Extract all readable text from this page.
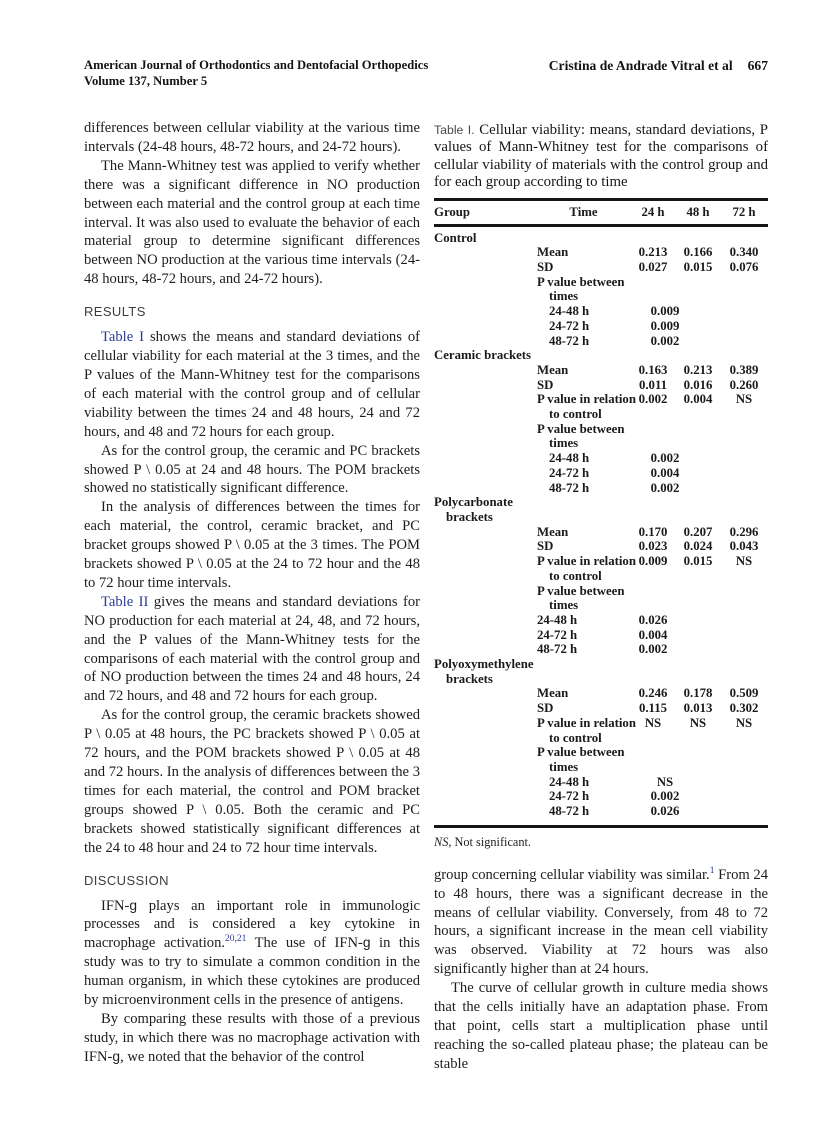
American Journal of Orthodontics and Dentofacial Orthopedics
Volume 137, Number 5
Cristina de Andrade Vitral et al 667

differences between cellular viability at the various time intervals (24-48 hours, 48-72 hours, and 24-72 hours).

The Mann-Whitney test was applied to verify whether there was a significant difference in NO production between each material and the control group at each time interval. It was also used to evaluate the behavior of each material group to determine significant differences between NO production at the various time intervals (24-48 hours, 48-72 hours, and 24-72 hours).

RESULTS

Table I shows the means and standard deviations of cellular viability for each material at the 3 times, and the P values of the Mann-Whitney test for the comparisons of each material with the control group and of cellular viability between the times 24 and 48 hours, 24 and 72 hours, and 48 and 72 hours for each group.

As for the control group, the ceramic and PC brackets showed P \ 0.05 at 24 and 48 hours. The POM brackets showed no statistically significant difference.

In the analysis of differences between the times for each material, the control, ceramic bracket, and PC bracket groups showed P \ 0.05 at the 3 times. The POM brackets showed P \ 0.05 at the 24 to 72 hour and the 48 to 72 hour time intervals.

Table II gives the means and standard deviations for NO production for each material at 24, 48, and 72 hours, and the P values of the Mann-Whitney tests for the comparisons of each material with the control group and of NO production between the times 24 and 48 hours, 24 and 72 hours, and 48 and 72 hours for each group.

As for the control group, the ceramic brackets showed P \ 0.05 at 48 hours, the PC brackets showed P \ 0.05 at 72 hours, and the POM brackets showed P \ 0.05 at 48 and 72 hours. In the analysis of differences between the 3 times for each material, the control and POM bracket groups showed P \ 0.05. Both the ceramic and PC brackets showed statistically significant differences at the 24 to 48 hour and 24 to 72 hour time intervals.

DISCUSSION

IFN-g plays an important role in immunologic processes and is considered a key cytokine in macrophage activation.$^{20,21}$ The use of IFN-g in this study was to try to simulate a common condition in the human organism, in which these cytokines are produced by microenvironment cells in the presence of antigens.

By comparing these results with those of a previous study, in which there was no macrophage activation with IFN-g, we noted that the behavior of the control

Table I. Cellular viability: means, standard deviations, P values of Mann-Whitney test for the comparisons of cellular viability of materials with the control group and for each group according to time
Group	Time	24 h	48 h	72 h
Control
Mean	0.213	0.166	0.340
SD	0.027	0.015	0.076
P value between
times
24-48 h	0.009
24-72 h	0.009
48-72 h	0.002
Ceramic brackets
Mean	0.163	0.213	0.389
SD	0.011	0.016	0.260
P value in relation 0.002	0.004	NS
to control
P value between
times
24-48 h	0.002
24-72 h	0.004
48-72 h	0.002
Polycarbonate
brackets
Mean	0.170	0.207	0.296
SD	0.023	0.024	0.043
P value in relation 0.009	0.015	NS
to control
P value between
times
24-48 h	0.026
24-72 h	0.004
48-72 h	0.002
Polyoxymethylene
brackets
Mean	0.246	0.178	0.509
SD	0.115	0.013	0.302
P value in relation NS	NS	NS
to control
P value between
times
24-48 h	NS
24-72 h	0.002
48-72 h	0.026
NS, Not significant.

group concerning cellular viability was similar.$^1$ From 24 to 48 hours, there was a significant decrease in the means of cellular viability. Conversely, from 48 to 72 hours, a significant increase in the mean cell viability was observed. Viability at 72 hours was also significantly higher than at 24 hours.

The curve of cellular growth in culture media shows that the cells initially have an adaptation phase. From that point, cells start a multiplication phase until reaching the so-called plateau phase; the plateau can be stable
